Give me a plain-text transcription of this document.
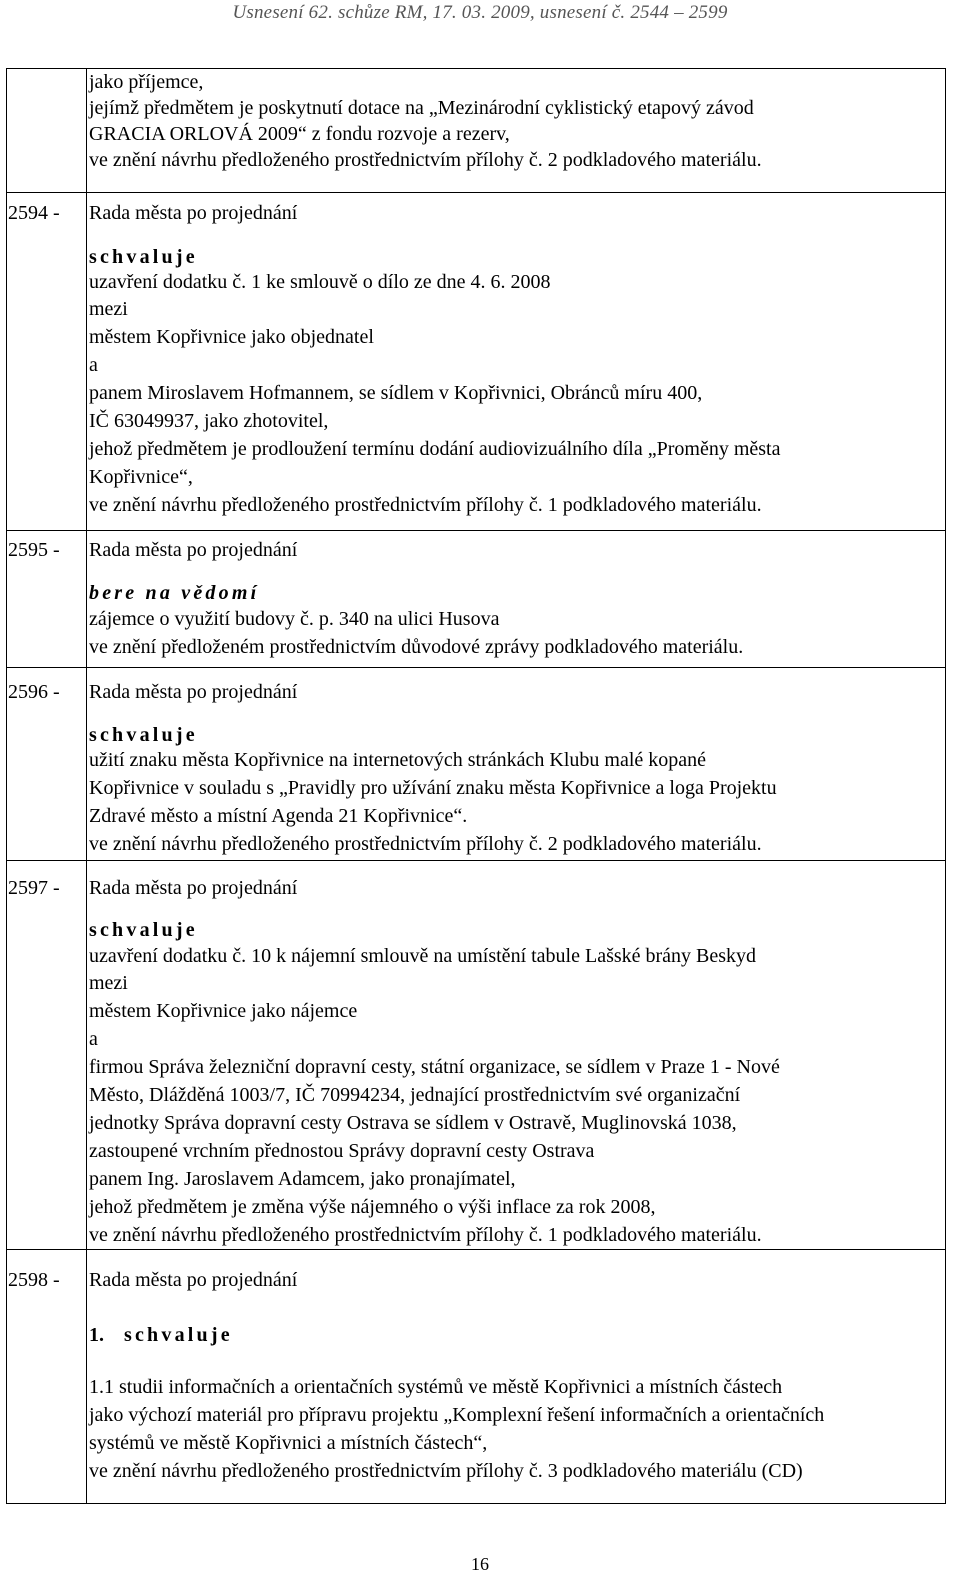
Usnesení 62. schůze RM, 17. 03. 2009, usnesení č. 2544 – 2599
jako příjemce,
jejímž předmětem je poskytnutí dotace na „Mezinárodní cyklistický etapový závod
GRACIA ORLOVÁ 2009“ z fondu rozvoje a rezerv,
ve znění návrhu předloženého prostřednictvím přílohy č. 2 podkladového materiálu.
2594 - Rada města po projednání
schvaluje
uzavření dodatku č. 1 ke smlouvě o dílo ze dne 4. 6. 2008
mezi
městem Kopřivnice jako objednatel
a
panem Miroslavem Hofmannem, se sídlem v Kopřivnici, Obránců míru 400,
IČ 63049937, jako zhotovitel,
jehož předmětem je prodloužení termínu dodání audiovizuálního díla „Proměny města
Kopřivnice“,
ve znění návrhu předloženého prostřednictvím přílohy č. 1 podkladového materiálu.
2595 - Rada města po projednání
bere na vědomí
zájemce o využití budovy č. p. 340 na ulici Husova
ve znění předloženém prostřednictvím důvodové zprávy podkladového materiálu.
2596 - Rada města po projednání
schvaluje
užití znaku města Kopřivnice na internetových stránkách Klubu malé kopané
Kopřivnice v souladu s „Pravidly pro užívání znaku města Kopřivnice a loga Projektu
Zdravé město a místní Agenda 21 Kopřivnice“.
ve znění návrhu předloženého prostřednictvím přílohy č. 2 podkladového materiálu.
2597 - Rada města po projednání
schvaluje
uzavření dodatku č. 10 k nájemní smlouvě na umístění tabule Lašské brány Beskyd
mezi
městem Kopřivnice jako nájemce
a
firmou Správa železniční dopravní cesty, státní organizace, se sídlem v Praze 1 - Nové
Město, Dlážděná 1003/7, IČ 70994234, jednající prostřednictvím své organizační
jednotky Správa dopravní cesty Ostrava se sídlem v Ostravě, Muglinovská 1038,
zastoupené vrchním přednostou Správy dopravní cesty Ostrava
panem Ing. Jaroslavem Adamcem, jako pronajímatel,
jehož předmětem je změna výše nájemného o výši inflace za rok 2008,
ve znění návrhu předloženého prostřednictvím přílohy č. 1 podkladového materiálu.
2598 - Rada města po projednání
1. schvaluje
1.1 studii informačních a orientačních systémů ve městě Kopřivnici a místních částech
jako výchozí materiál pro přípravu projektu „Komplexní řešení informačních a orientačních
systémů ve městě Kopřivnici a místních částech“,
ve znění návrhu předloženého prostřednictvím přílohy č. 3 podkladového materiálu (CD)
16
